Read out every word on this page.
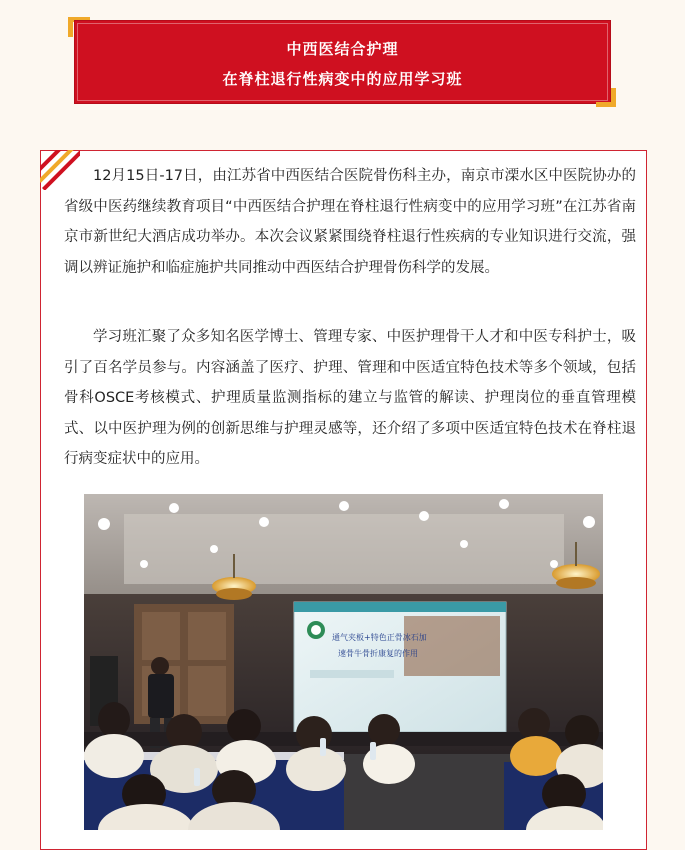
中西医结合护理
在脊柱退行性病变中的应用学习班

12月15日-17日，由江苏省中西医结合医院骨伤科主办，南京市溧水区中医院协办的省级中医药继续教育项目“中西医结合护理在脊柱退行性病变中的应用学习班”在江苏省南京市新世纪大酒店成功举办。本次会议紧紧围绕脊柱退行性疾病的专业知识进行交流，强调以辨证施护和临症施护共同推动中西医结合护理骨伤科学的发展。

学习班汇聚了众多知名医学博士、管理专家、中医护理骨干人才和中医专科护士，吸引了百名学员参与。内容涵盖了医疗、护理、管理和中医适宜特色技术等多个领域，包括骨科OSCE考核模式、护理质量监测指标的建立与监管的解读、护理岗位的垂直管理模式、以中医护理为例的创新思维与护理灵感等，还介绍了多项中医适宜特色技术在脊柱退行病变症状中的应用。

通气夹板+特色正骨冰石加
速骨牛骨折康复的作用
